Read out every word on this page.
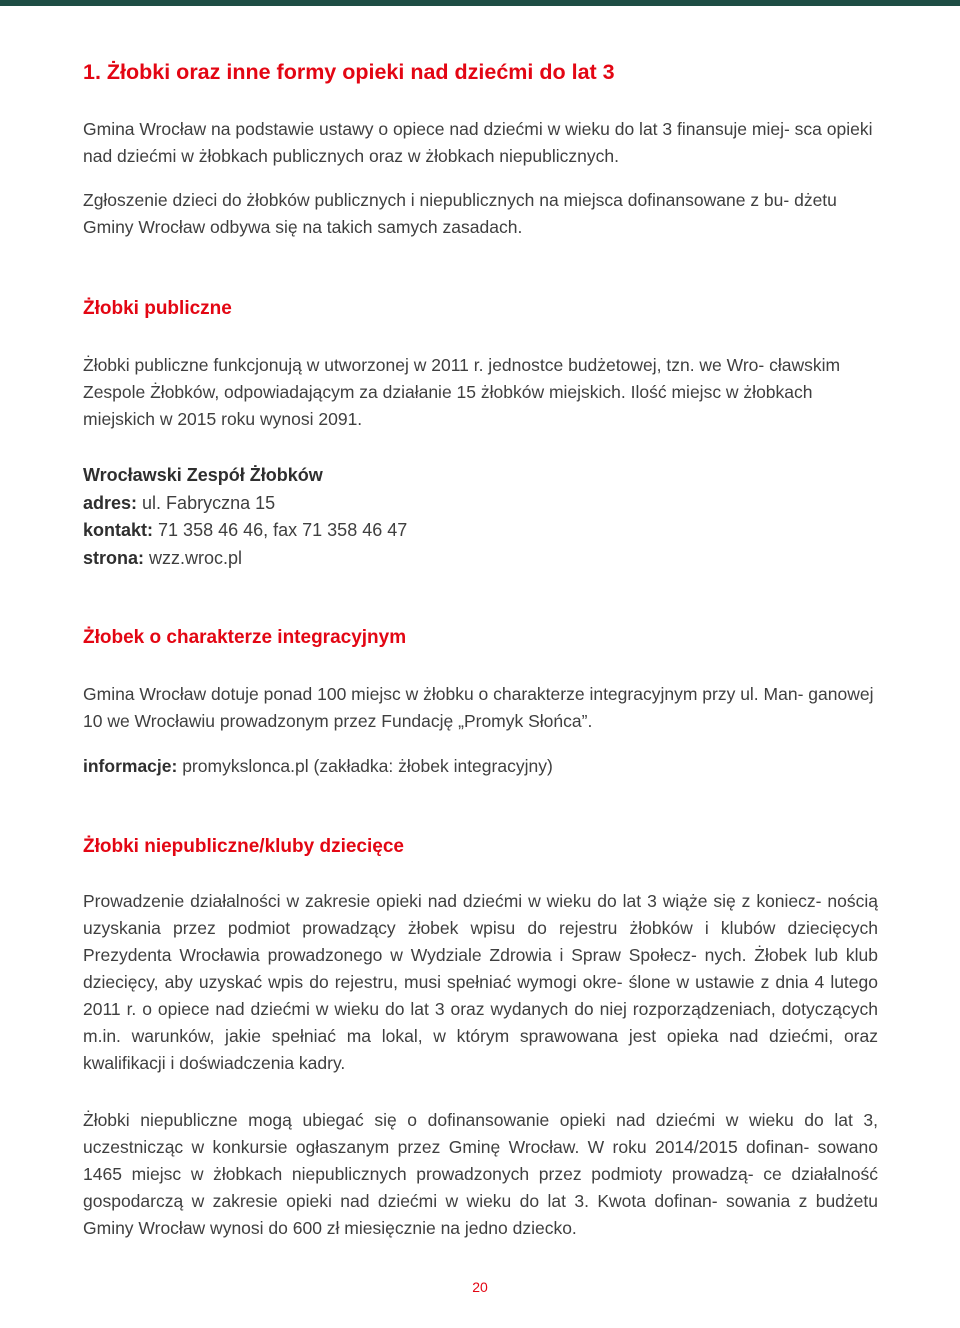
1. Żłobki oraz inne formy opieki nad dziećmi do lat 3

Gmina Wrocław na podstawie ustawy o opiece nad dziećmi w wieku do lat 3 finansuje miej- sca opieki nad dziećmi w żłobkach publicznych oraz w żłobkach niepublicznych.

Zgłoszenie dzieci do żłobków publicznych i niepublicznych na miejsca dofinansowane z bu- dżetu Gminy Wrocław odbywa się na takich samych zasadach.

Żłobki publiczne

Żłobki publiczne funkcjonują w utworzonej w 2011 r. jednostce budżetowej, tzn. we Wro- cławskim Zespole Żłobków, odpowiadającym za działanie 15 żłobków miejskich. Ilość miejsc w żłobkach miejskich w 2015 roku wynosi 2091.

Wrocławski Zespół Żłobków
adres: ul. Fabryczna 15
kontakt: 71 358 46 46, fax 71 358 46 47
strona: wzz.wroc.pl
Żłobek o charakterze integracyjnym

Gmina Wrocław dotuje ponad 100 miejsc w żłobku o charakterze integracyjnym przy ul. Man- ganowej 10 we Wrocławiu prowadzonym przez Fundację „Promyk Słońca”.

informacje: promykslonca.pl (zakładka: żłobek integracyjny)

Żłobki niepubliczne/kluby dziecięce

Prowadzenie działalności w zakresie opieki nad dziećmi w wieku do lat 3 wiąże się z koniecz- nością uzyskania przez podmiot prowadzący żłobek wpisu do rejestru żłobków i klubów dziecięcych Prezydenta Wrocławia prowadzonego w Wydziale Zdrowia i Spraw Społecz- nych. Żłobek lub klub dziecięcy, aby uzyskać wpis do rejestru, musi spełniać wymogi okre- ślone w ustawie z dnia 4 lutego 2011 r. o opiece nad dziećmi w wieku do lat 3 oraz wydanych do niej rozporządzeniach, dotyczących m.in. warunków, jakie spełniać ma lokal, w którym sprawowana jest opieka nad dziećmi, oraz kwalifikacji i doświadczenia kadry.

Żłobki niepubliczne mogą ubiegać się o dofinansowanie opieki nad dziećmi w wieku do lat 3, uczestnicząc w konkursie ogłaszanym przez Gminę Wrocław. W roku 2014/2015 dofinan- sowano 1465 miejsc w żłobkach niepublicznych prowadzonych przez podmioty prowadzą- ce działalność gospodarczą w zakresie opieki nad dziećmi w wieku do lat 3. Kwota dofinan- sowania z budżetu Gminy Wrocław wynosi do 600 zł miesięcznie na jedno dziecko.

20
